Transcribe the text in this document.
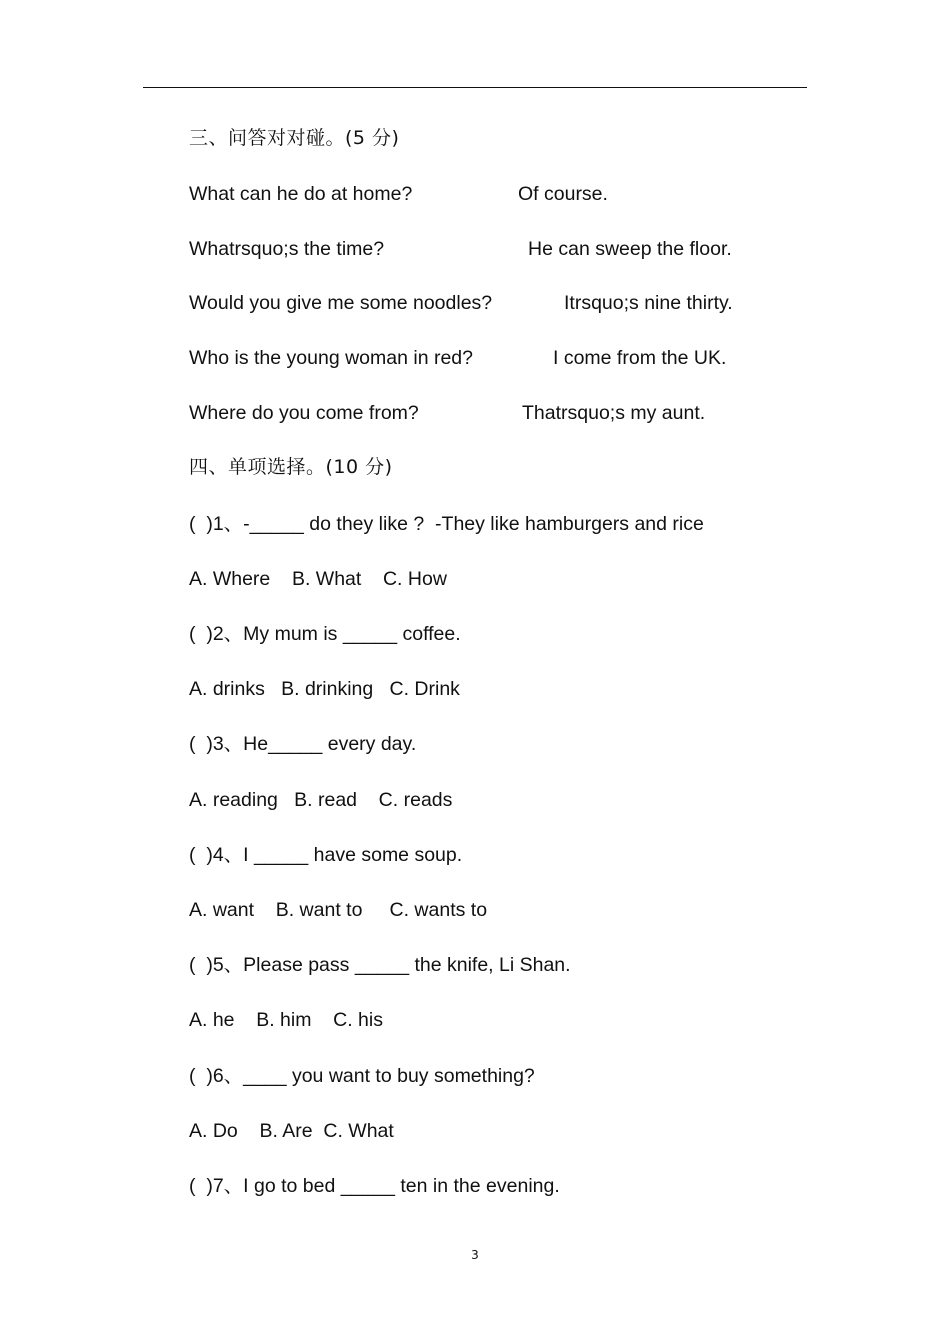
三、问答对对碰。(5 分)
What can he do at home?	Of course.
Whatrsquo;s the time?	He can sweep the floor.
Would you give me some noodles?	Itrsquo;s nine thirty.
Who is the young woman in red?	I come from the UK.
Where do you come from?	Thatrsquo;s my aunt.
四、单项选择。(10 分)
(  )1、-_____ do they like ?  -They like hamburgers and rice
A. Where    B. What    C. How
(  )2、My mum is _____ coffee.
A. drinks   B. drinking   C. Drink
(  )3、He_____ every day.
A. reading   B. read    C. reads
(  )4、I _____ have some soup.
A. want    B. want to     C. wants to
(  )5、Please pass _____ the knife, Li Shan.
A. he    B. him    C. his
(  )6、____ you want to buy something?
A. Do    B. Are  C. What
(  )7、I go to bed _____ ten in the evening.
3
